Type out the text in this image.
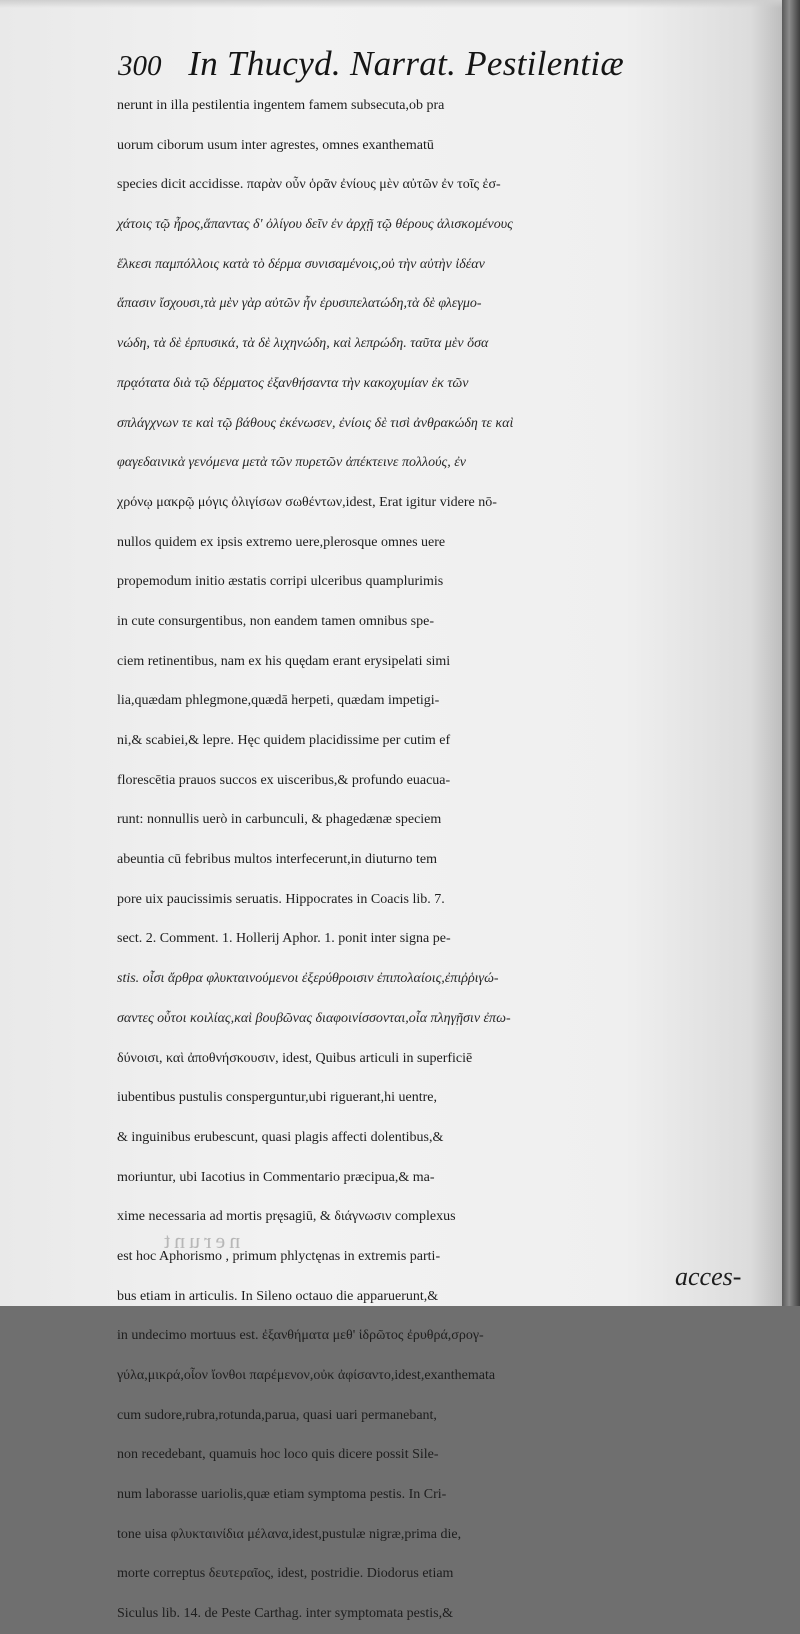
300 In Thucyd. Narrat. Pestilentiæ
nerunt in illa pestilentia ingentem famem subsecuta,ob pra
uorum ciborum usum inter agrestes, omnes exanthematū
species dicit accidisse. παρὰν οὖν ὁρᾶν ἐνίους μὲν αὐτῶν ἐν τοῖς ἐσ-
χάτοις τῷ ἦρος,ἅπαντας δ' ὀλίγου δεῖν ἐν ἀρχῇ τῷ θέρους ἁλισκομένους
ἕλκεσι παμπόλλοις κατὰ τὸ δέρμα συνισαμένοις,οὐ τὴν αὐτὴν ἰδέαν
ἅπασιν ἴσχουσι,τὰ μὲν γὰρ αὐτῶν ἦν ἐρυσιπελατώδη,τὰ δὲ φλεγμο-
νώδη, τὰ δὲ ἑρπυσικά, τὰ δὲ λιχηνώδη, καὶ λεπρώδη. ταῦτα μὲν ὅσα
πρᾳότατα διὰ τῷ δέρματος ἐξανθήσαντα τὴν κακοχυμίαν ἐκ τῶν
σπλάγχνων τε καὶ τῷ βάθους ἐκένωσεν, ἐνίοις δὲ τισὶ ἀνθρακώδη τε καὶ
φαγεδαινικὰ γενόμενα μετὰ τῶν πυρετῶν ἀπέκτεινε πολλούς, ἐν
χρόνῳ μακρῷ μόγις ὀλιγίσων σωθέντων,idest, Erat igitur videre nō-
nullos quidem ex ipsis extremo uere,plerosque omnes uere
propemodum initio æstatis corripi ulceribus quamplurimis
in cute consurgentibus, non eandem tamen omnibus spe-
ciem retinentibus, nam ex his quędam erant erysipelati simi
lia,quædam phlegmone,quædā herpeti, quædam impetigi-
ni,& scabiei,& lepre. Hęc quidem placidissime per cutim ef
florescētia prauos succos ex uisceribus,& profundo euacua-
runt: nonnullis uerò in carbunculi, & phagedænæ speciem
abeuntia cū febribus multos interfecerunt,in diuturno tem
pore uix paucissimis seruatis. Hippocrates in Coacis lib. 7.
sect. 2. Comment. 1. Hollerij Aphor. 1. ponit inter signa pe-
stis. οἷσι ἄρθρα φλυκταινούμενοι ἐξερύθροισιν ἐπιπολαίοις,ἐπιῤῥιγώ-
σαντες οὗτοι κοιλίας,καὶ βουβῶνας διαφοινίσσονται,οἷα πληγῇσιν ἐπω-
δύνοισι, καὶ ἀποθνήσκουσιν, idest, Quibus articuli in superficiē
iubentibus pustulis consperguntur,ubi riguerant,hi uentre,
& inguinibus erubescunt, quasi plagis affecti dolentibus,&
moriuntur, ubi Iacotius in Commentario præcipua,& ma-
xime necessaria ad mortis pręsagiū, & διάγνωσιν complexus
est hoc Aphorismo , primum phlyctęnas in extremis parti-
bus etiam in articulis. In Sileno octauo die apparuerunt,&
in undecimo mortuus est. ἐξανθήματα μεθ' ἱδρῶτος ἐρυθρά,σρογ-
γύλα,μικρά,οἷον ἴονθοι παρέμενον,οὐκ ἀφίσαντο,idest,exanthemata
cum sudore,rubra,rotunda,parua, quasi uari permanebant,
non recedebant, quamuis hoc loco quis dicere possit Sile-
num laborasse uariolis,quæ etiam symptoma pestis. In Cri-
tone uisa φλυκταινίδια μέλανα,idest,pustulæ nigræ,prima die,
morte correptus δευτεραῖος, idest, postridie. Diodorus etiam
Siculus lib. 14. de Peste Carthag. inter symptomata pestis,&
nerunt
acces-
